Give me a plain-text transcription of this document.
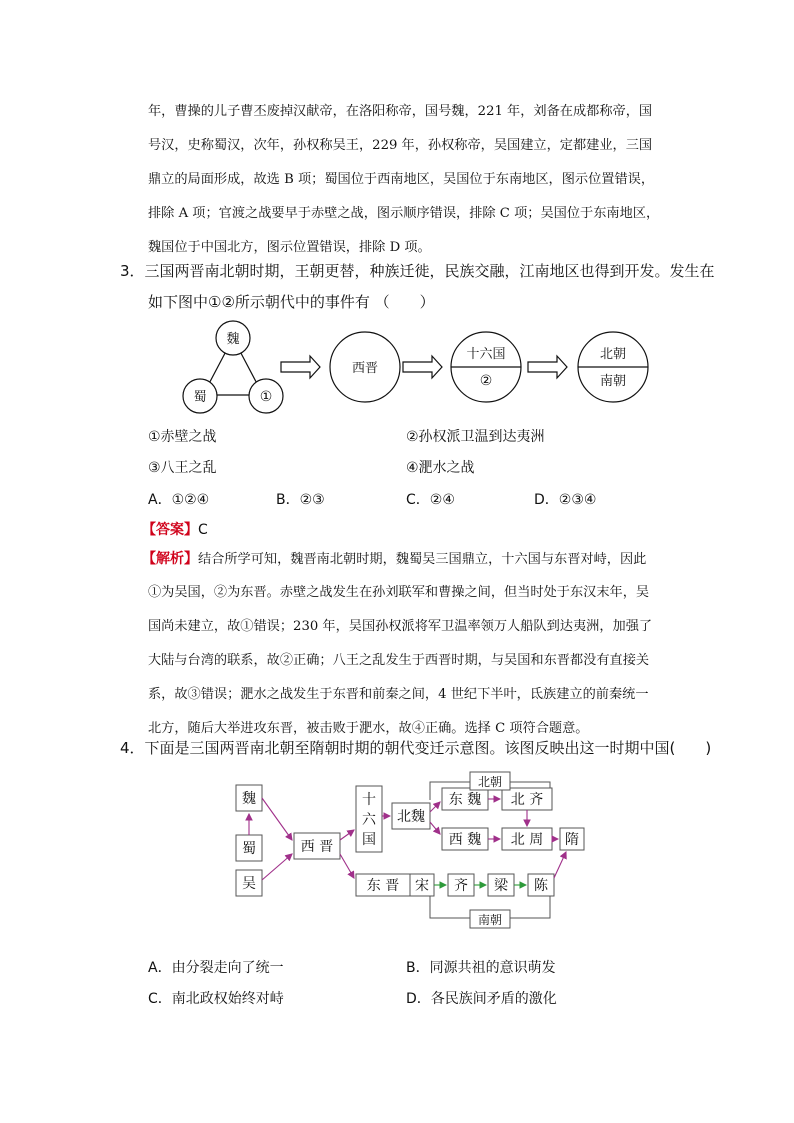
年，曹操的儿子曹丕废掉汉献帝，在洛阳称帝，国号魏，221 年，刘备在成都称帝，国
号汉，史称蜀汉，次年，孙权称吴王，229 年，孙权称帝，吴国建立，定都建业，三国
鼎立的局面形成，故选 B 项；蜀国位于西南地区，吴国位于东南地区，图示位置错误，
排除 A 项；官渡之战要早于赤壁之战，图示顺序错误，排除 C 项；吴国位于东南地区，
魏国位于中国北方，图示位置错误，排除 D 项。
3．三国两晋南北朝时期，王朝更替，种族迁徙，民族交融，江南地区也得到开发。发生在
如下图中①②所示朝代中的事件有 （　　）
魏
蜀	①
西晋
十六国
②
北朝
南朝
①赤壁之战	②孙权派卫温到达夷洲
③八王之乱	④淝水之战
A．①②④	B．②③	C．②④	D．②③④
【答案】C
【解析】结合所学可知，魏晋南北朝时期，魏蜀吴三国鼎立，十六国与东晋对峙，因此
①为吴国，②为东晋。赤壁之战发生在孙刘联军和曹操之间，但当时处于东汉末年，吴
国尚未建立，故①错误；230 年，吴国孙权派将军卫温率领万人船队到达夷洲，加强了
大陆与台湾的联系，故②正确；八王之乱发生于西晋时期，与吴国和东晋都没有直接关
系，故③错误；淝水之战发生于东晋和前秦之间，4 世纪下半叶，氐族建立的前秦统一
北方，随后大举进攻东晋，被击败于淝水，故④正确。选择 C 项符合题意。
4．下面是三国两晋南北朝至隋朝时期的朝代变迁示意图。该图反映出这一时期中国(　　)
魏
蜀
吴
西 晋
十
六
国
北魏
东 魏 北 齐
西 魏 北 周 隋
东 晋 宋 齐 梁 陈
北朝
南朝
A．由分裂走向了统一	B．同源共祖的意识萌发
C．南北政权始终对峙	D．各民族间矛盾的激化
